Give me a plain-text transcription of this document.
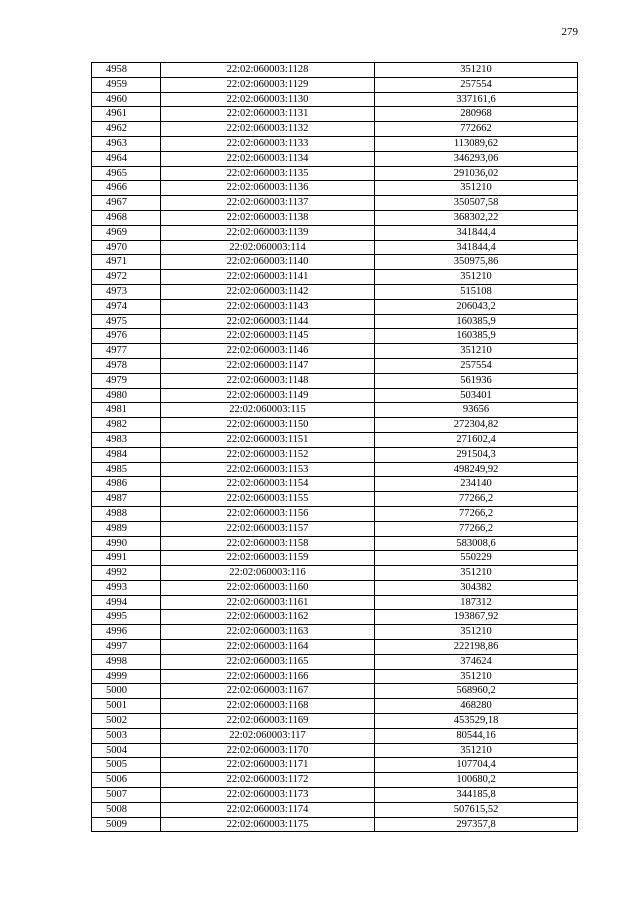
279
4958	22:02:060003:1128	351210
4959	22:02:060003:1129	257554
4960	22:02:060003:1130	337161,6
4961	22:02:060003:1131	280968
4962	22:02:060003:1132	772662
4963	22:02:060003:1133	113089,62
4964	22:02:060003:1134	346293,06
4965	22:02:060003:1135	291036,02
4966	22:02:060003:1136	351210
4967	22:02:060003:1137	350507,58
4968	22:02:060003:1138	368302,22
4969	22:02:060003:1139	341844,4
4970	22:02:060003:114	341844,4
4971	22:02:060003:1140	350975,86
4972	22:02:060003:1141	351210
4973	22:02:060003:1142	515108
4974	22:02:060003:1143	206043,2
4975	22:02:060003:1144	160385,9
4976	22:02:060003:1145	160385,9
4977	22:02:060003:1146	351210
4978	22:02:060003:1147	257554
4979	22:02:060003:1148	561936
4980	22:02:060003:1149	503401
4981	22:02:060003:115	93656
4982	22:02:060003:1150	272304,82
4983	22:02:060003:1151	271602,4
4984	22:02:060003:1152	291504,3
4985	22:02:060003:1153	498249,92
4986	22:02:060003:1154	234140
4987	22:02:060003:1155	77266,2
4988	22:02:060003:1156	77266,2
4989	22:02:060003:1157	77266,2
4990	22:02:060003:1158	583008,6
4991	22:02:060003:1159	550229
4992	22:02:060003:116	351210
4993	22:02:060003:1160	304382
4994	22:02:060003:1161	187312
4995	22:02:060003:1162	193867,92
4996	22:02:060003:1163	351210
4997	22:02:060003:1164	222198,86
4998	22:02:060003:1165	374624
4999	22:02:060003:1166	351210
5000	22:02:060003:1167	568960,2
5001	22:02:060003:1168	468280
5002	22:02:060003:1169	453529,18
5003	22:02:060003:117	80544,16
5004	22:02:060003:1170	351210
5005	22:02:060003:1171	107704,4
5006	22:02:060003:1172	100680,2
5007	22:02:060003:1173	344185,8
5008	22:02:060003:1174	507615,52
5009	22:02:060003:1175	297357,8
